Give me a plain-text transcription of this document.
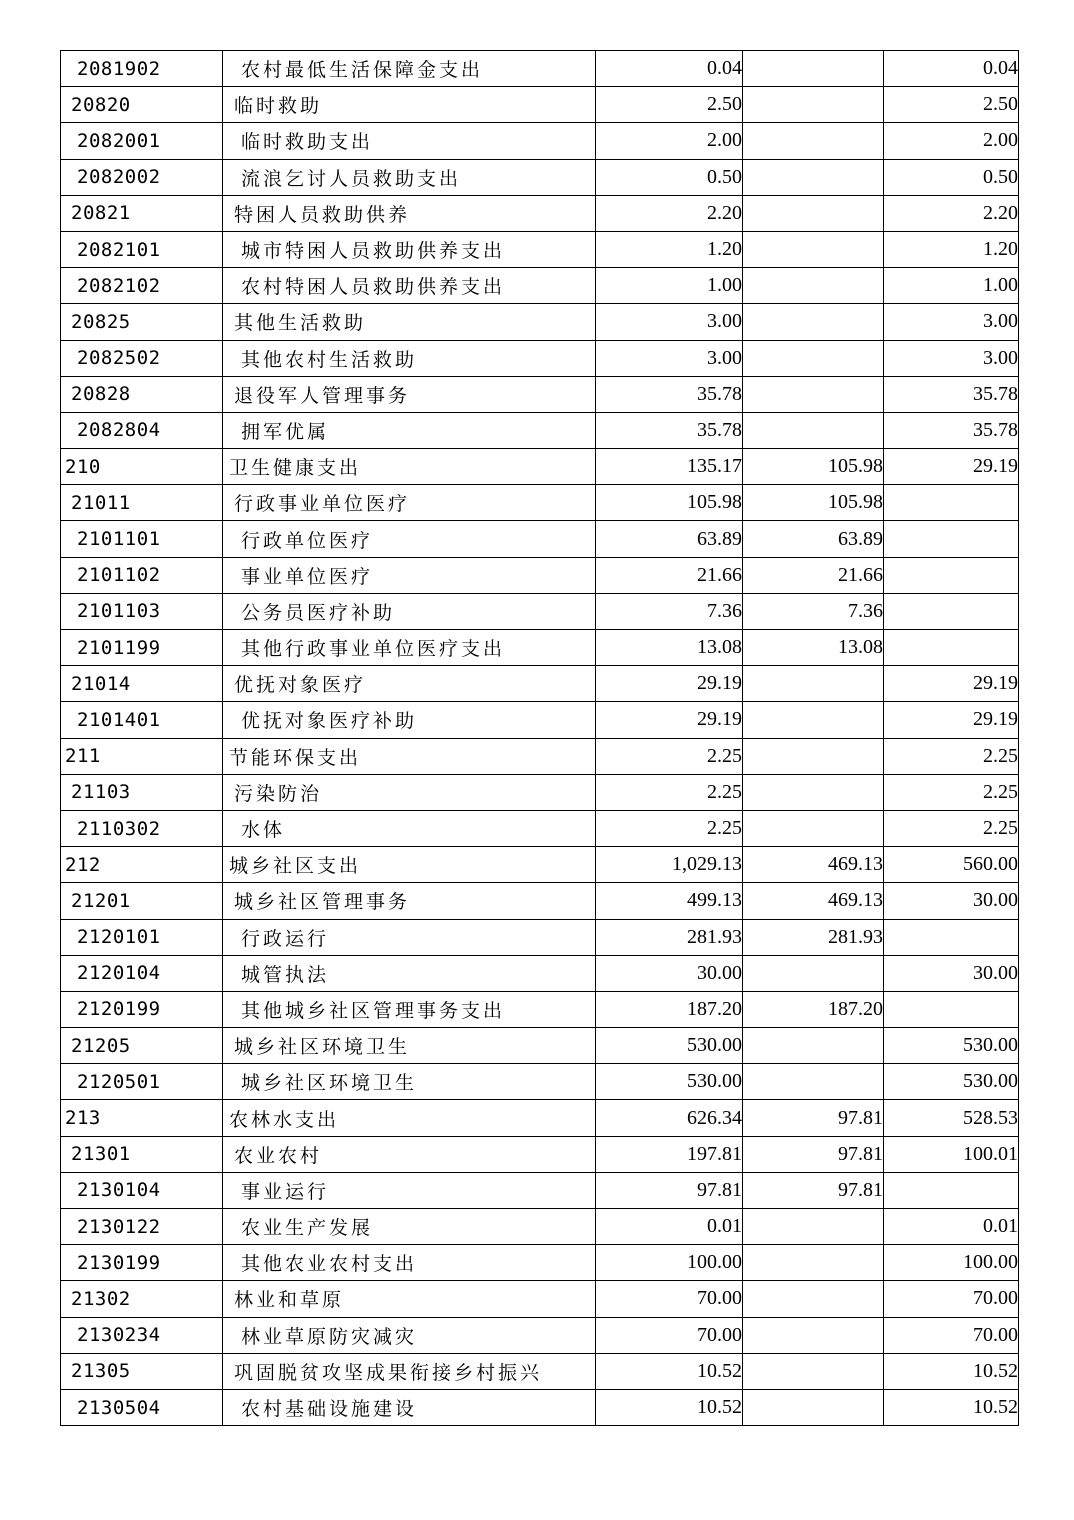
2081902	农村最低生活保障金支出	0.04		0.04
20820	临时救助	2.50		2.50
2082001	临时救助支出	2.00		2.00
2082002	流浪乞讨人员救助支出	0.50		0.50
20821	特困人员救助供养	2.20		2.20
2082101	城市特困人员救助供养支出	1.20		1.20
2082102	农村特困人员救助供养支出	1.00		1.00
20825	其他生活救助	3.00		3.00
2082502	其他农村生活救助	3.00		3.00
20828	退役军人管理事务	35.78		35.78
2082804	拥军优属	35.78		35.78
210	卫生健康支出	135.17	105.98	29.19
21011	行政事业单位医疗	105.98	105.98	
2101101	行政单位医疗	63.89	63.89	
2101102	事业单位医疗	21.66	21.66	
2101103	公务员医疗补助	7.36	7.36	
2101199	其他行政事业单位医疗支出	13.08	13.08	
21014	优抚对象医疗	29.19		29.19
2101401	优抚对象医疗补助	29.19		29.19
211	节能环保支出	2.25		2.25
21103	污染防治	2.25		2.25
2110302	水体	2.25		2.25
212	城乡社区支出	1,029.13	469.13	560.00
21201	城乡社区管理事务	499.13	469.13	30.00
2120101	行政运行	281.93	281.93	
2120104	城管执法	30.00		30.00
2120199	其他城乡社区管理事务支出	187.20	187.20	
21205	城乡社区环境卫生	530.00		530.00
2120501	城乡社区环境卫生	530.00		530.00
213	农林水支出	626.34	97.81	528.53
21301	农业农村	197.81	97.81	100.01
2130104	事业运行	97.81	97.81	
2130122	农业生产发展	0.01		0.01
2130199	其他农业农村支出	100.00		100.00
21302	林业和草原	70.00		70.00
2130234	林业草原防灾减灾	70.00		70.00
21305	巩固脱贫攻坚成果衔接乡村振兴	10.52		10.52
2130504	农村基础设施建设	10.52		10.52
